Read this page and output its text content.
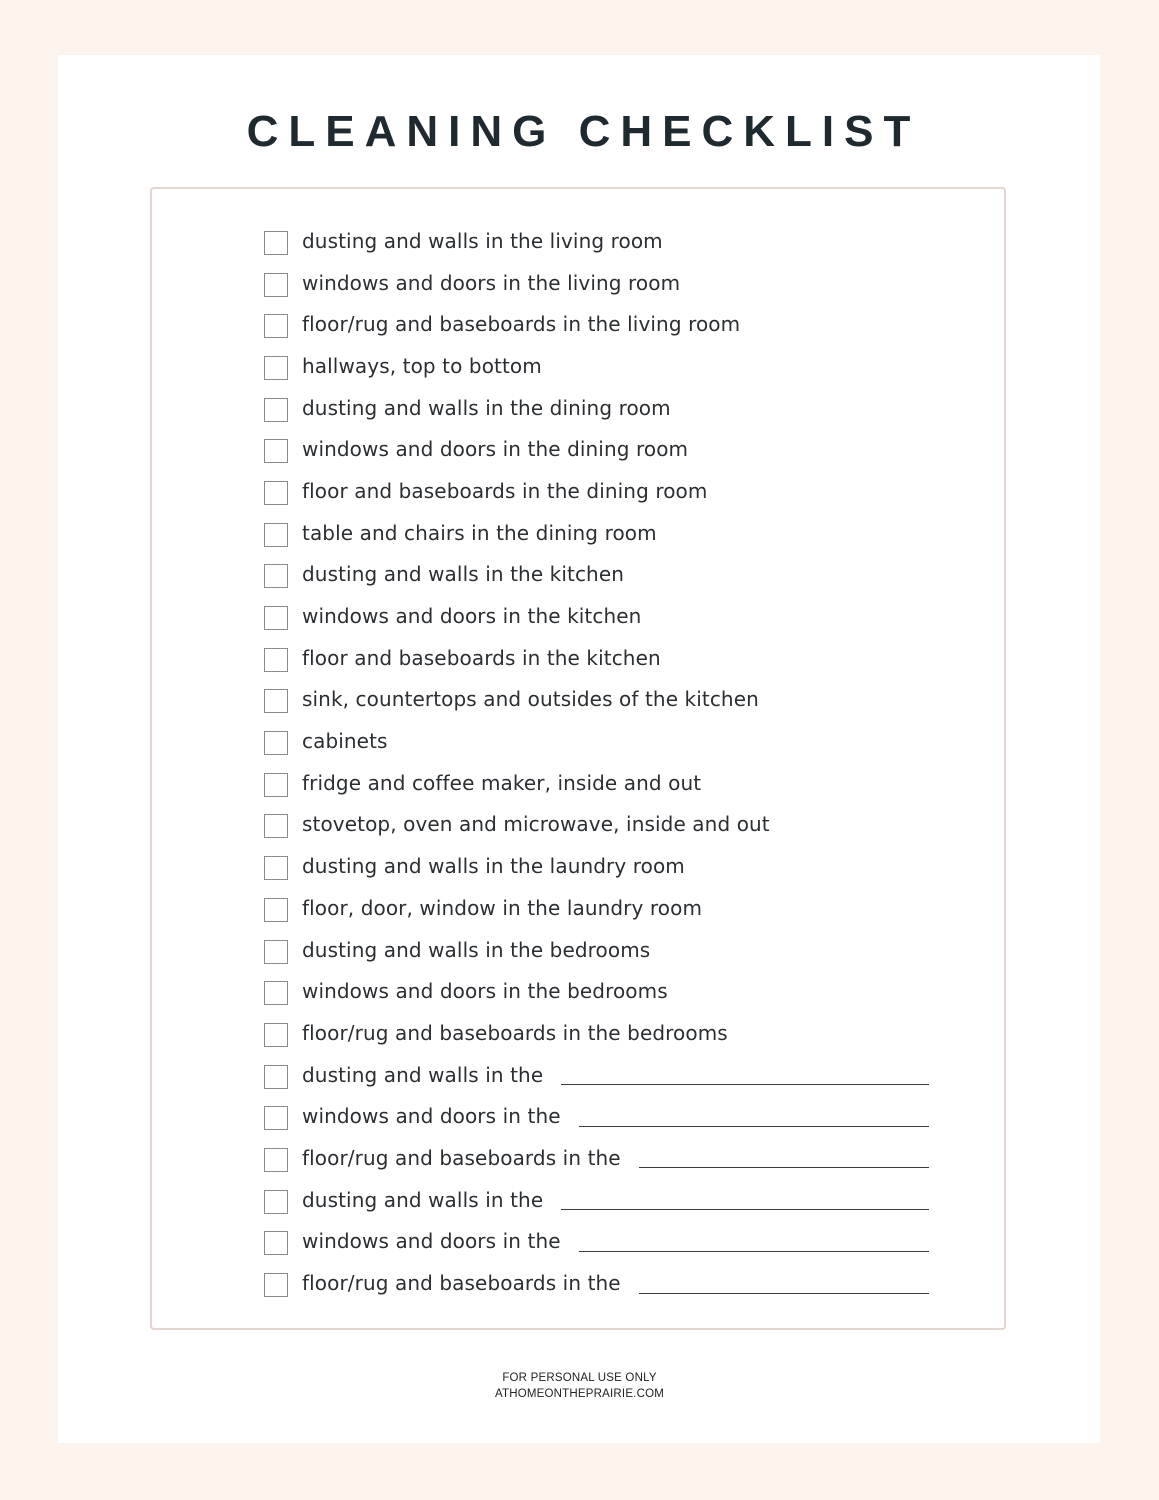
CLEANING CHECKLIST
dusting and walls in the living room
windows and doors in the living room
floor/rug and baseboards in the living room
hallways, top to bottom
dusting and walls in the dining room
windows and doors in the dining room
floor and baseboards in the dining room
table and chairs in the dining room
dusting and walls in the kitchen
windows and doors in the kitchen
floor and baseboards in the kitchen
sink, countertops and outsides of the kitchen
cabinets
fridge and coffee maker, inside and out
stovetop, oven and microwave, inside and out
dusting and walls in the laundry room
floor, door, window in the laundry room
dusting and walls in the bedrooms
windows and doors in the bedrooms
floor/rug and baseboards in the bedrooms
dusting and walls in the
windows and doors in the
floor/rug and baseboards in the
dusting and walls in the
windows and doors in the
floor/rug and baseboards in the
FOR PERSONAL USE ONLY
ATHOMEONTHEPRAIRIE.COM
